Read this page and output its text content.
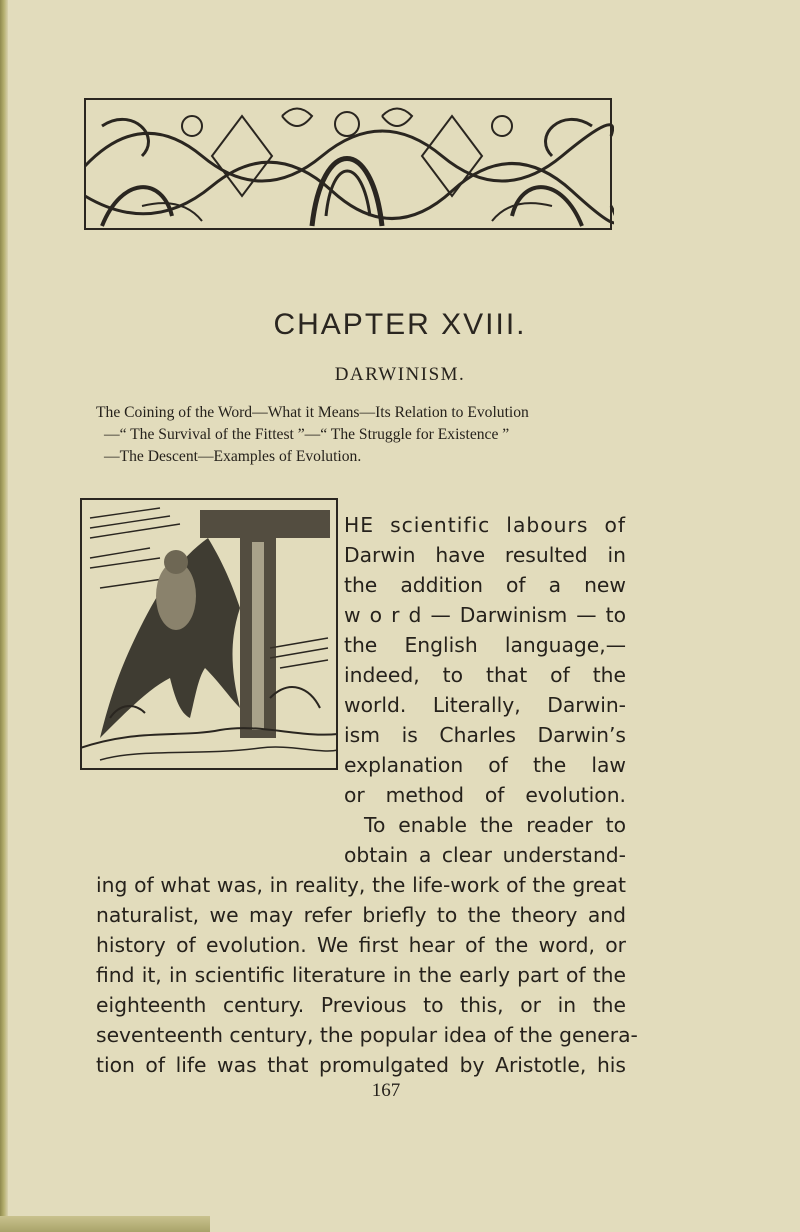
CHAPTER XVIII.
DARWINISM.
The Coining of the Word—What it Means—Its Relation to Evolution
—“ The Survival of the Fittest ”—“ The Struggle for Existence ”
—The Descent—Examples of Evolution.
HE scientific labours of
Darwin have resulted in
the addition of a new
w o r d — Darwinism — to
the English language,—
indeed, to that of the
world. Literally, Darwin-
ism is Charles Darwin’s
explanation of the law
or method of evolution.
To enable the reader to
obtain a clear understand-
ing of what was, in reality, the life-work of the great
naturalist, we may refer briefly to the theory and
history of evolution. We first hear of the word, or
find it, in scientific literature in the early part of the
eighteenth century. Previous to this, or in the
seventeenth century, the popular idea of the genera-
tion of life was that promulgated by Aristotle, his
167
